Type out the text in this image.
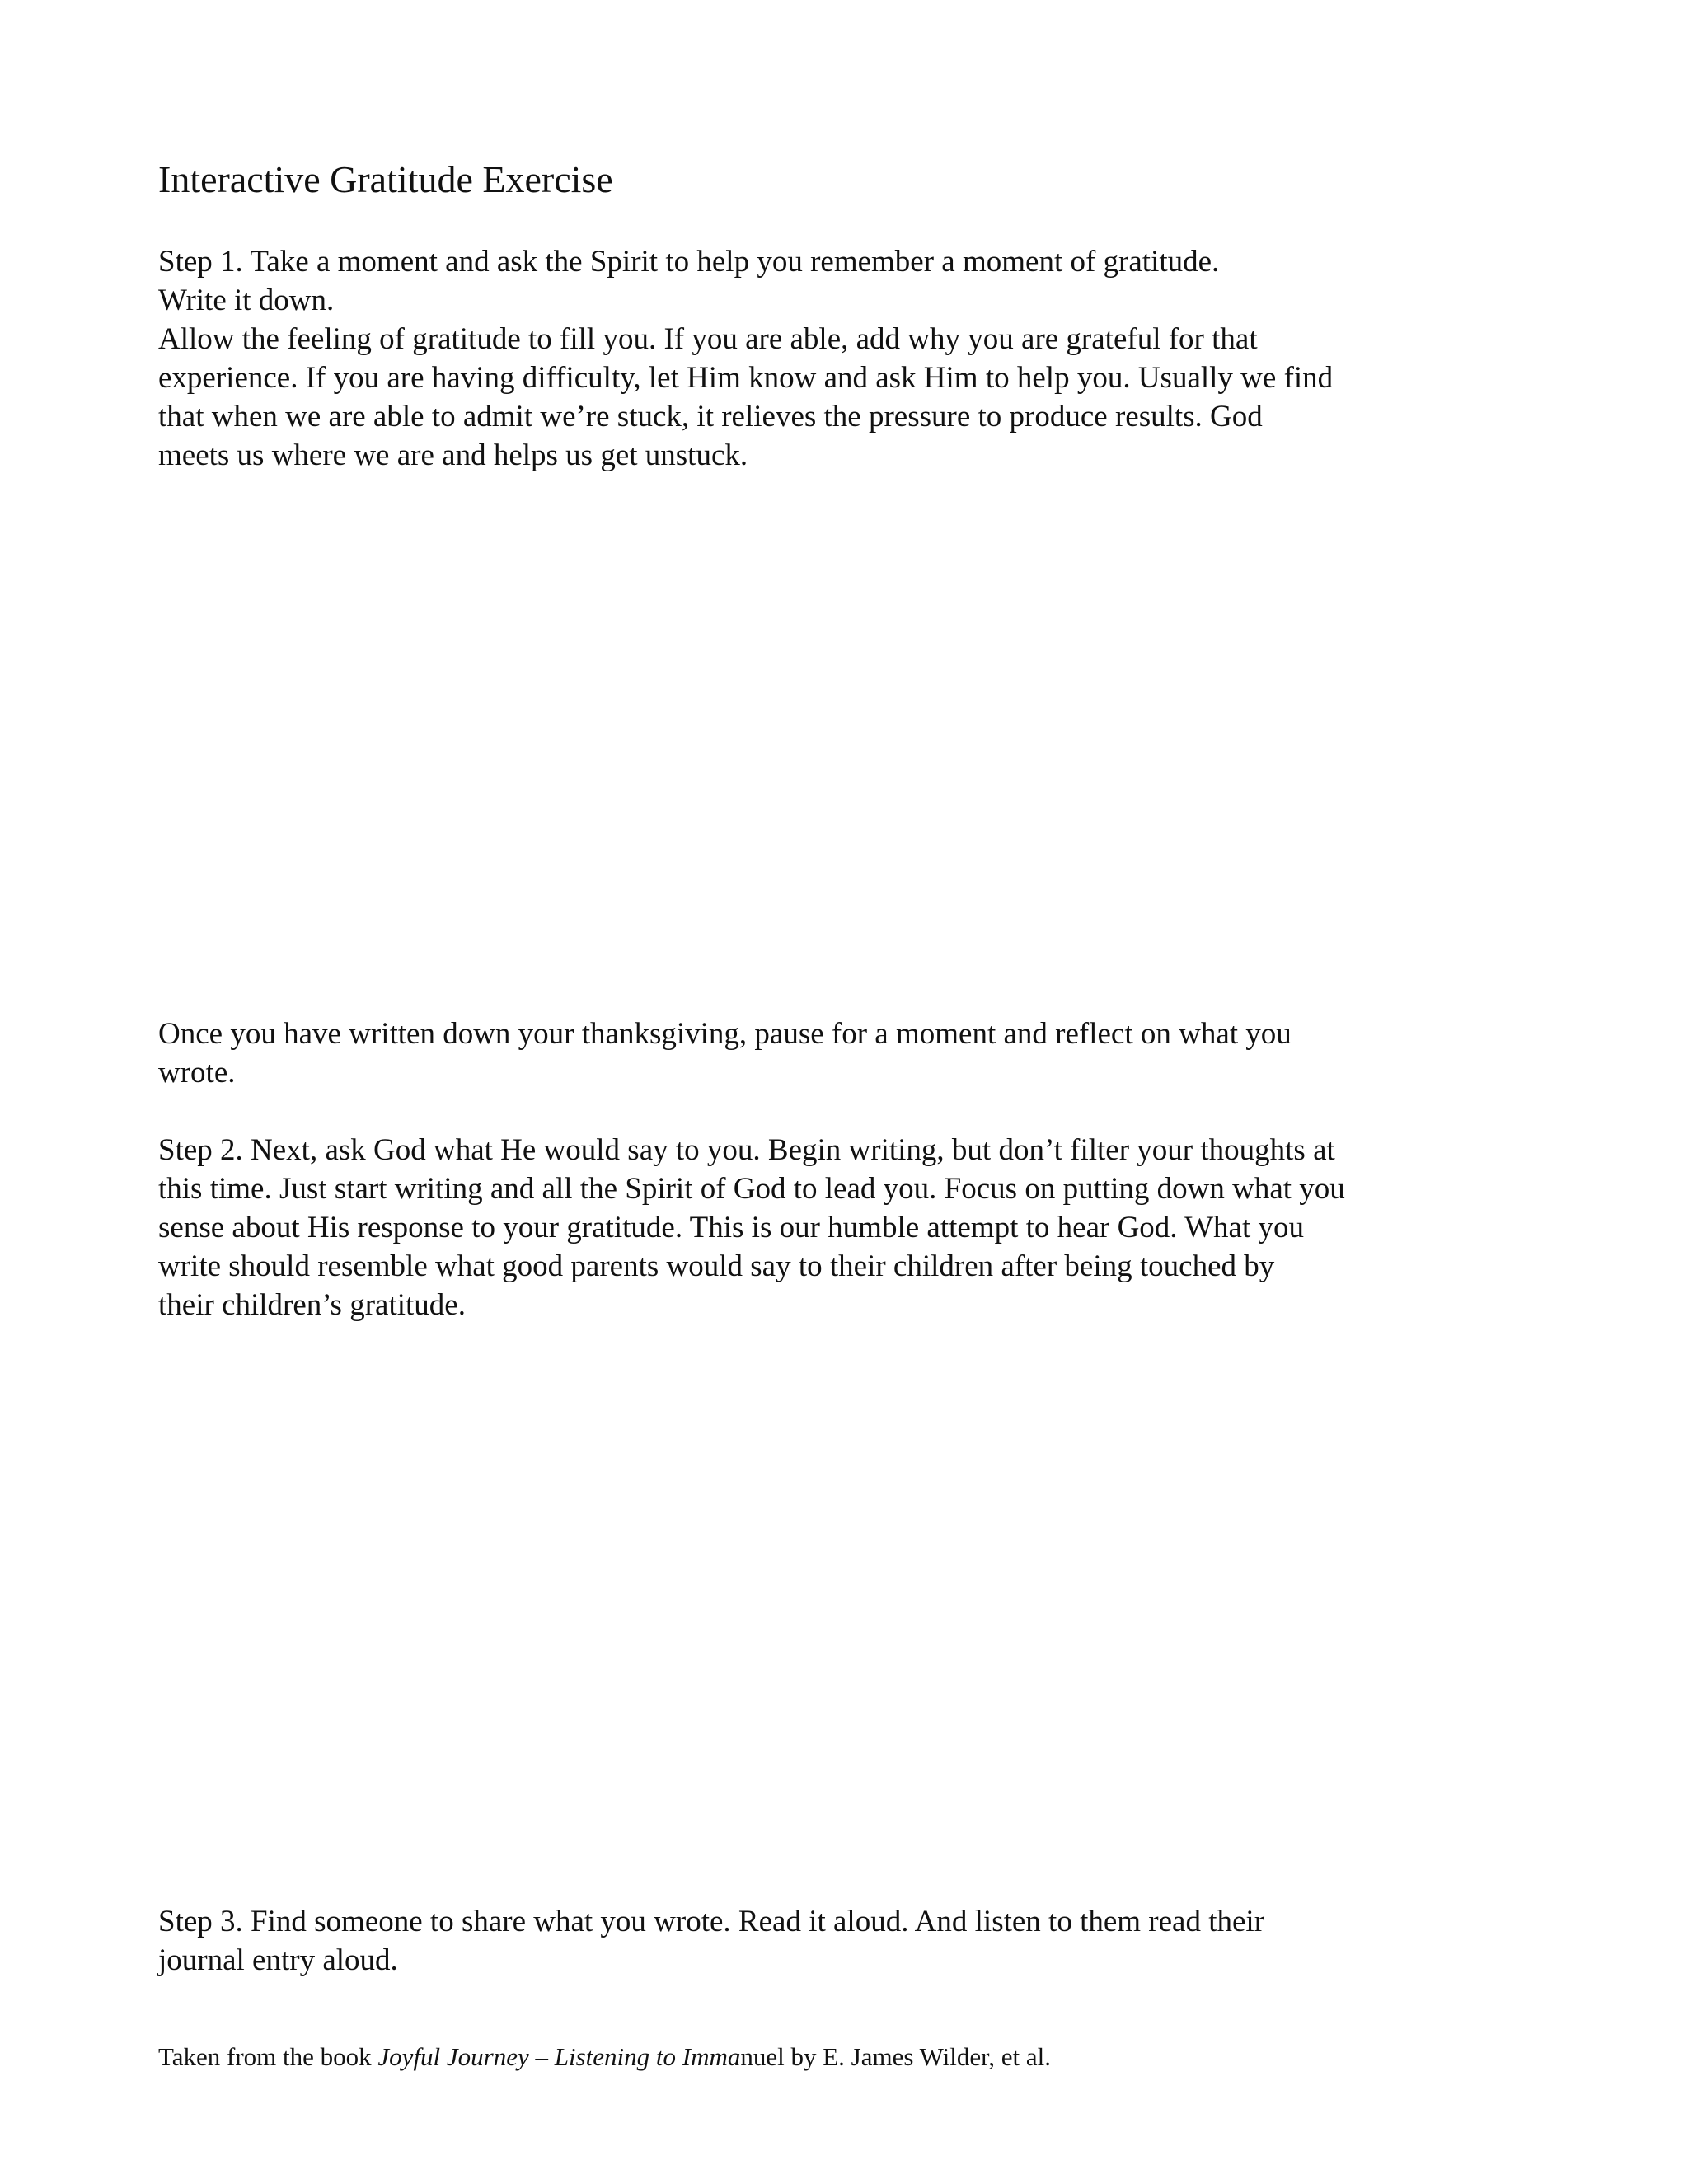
Interactive Gratitude Exercise
Step 1. Take a moment and ask the Spirit to help you remember a moment of gratitude.
Write it down.
Allow the feeling of gratitude to fill you. If you are able, add why you are grateful for that
experience. If you are having difficulty, let Him know and ask Him to help you. Usually we find
that when we are able to admit we’re stuck, it relieves the pressure to produce results. God
meets us where we are and helps us get unstuck.
Once you have written down your thanksgiving, pause for a moment and reflect on what you
wrote.
Step 2. Next, ask God what He would say to you. Begin writing, but don’t filter your thoughts at
this time. Just start writing and all the Spirit of God to lead you. Focus on putting down what you
sense about His response to your gratitude. This is our humble attempt to hear God. What you
write should resemble what good parents would say to their children after being touched by
their children’s gratitude.
Step 3. Find someone to share what you wrote. Read it aloud. And listen to them read their
journal entry aloud.

Taken from the book Joyful Journey – Listening to Immanuel by E. James Wilder, et al.
